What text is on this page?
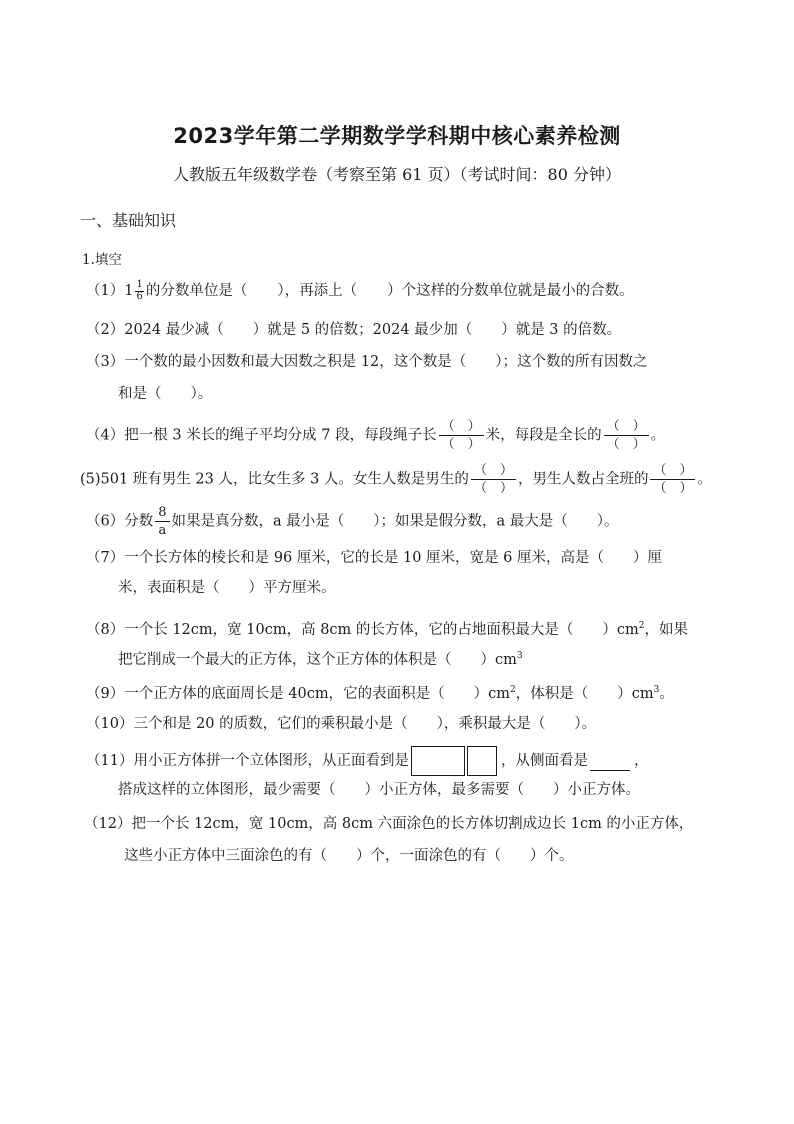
2023学年第二学期数学学科期中核心素养检测
人教版五年级数学卷（考察至第 61 页）（考试时间：80 分钟）
一、基础知识
1.填空
$(1)1 \frac{1}{6}$ 的分数单位是（ ），再添上（ ）个这样的分数单位就是最小的合数。
（2）2024 最少减（　　）就是 5 的倍数；2024 最少加（　　）就是 3 的倍数。
（3）一个数的最小因数和最大因数之积是 12，这个数是（　　）；这个数的所有因数之
和是（　　）。
（4）把一根 3 米长的绳子平均分成 7 段，每段绳子长 $\frac{( )}{( )}$ 米，每段是全长的 $\frac{( )}{( )}$ 。
(5)501 班有男生 23 人，比女生多 3 人。女生人数是男生的 $\frac{( )}{( )}$ ，男生人数占全班的 $\frac{( )}{( )}$ 。
（6）分数 $\frac{8}{a}$ 如果是真分数，a 最小是（　　）；如果是假分数，a 最大是（　　）。
（7）一个长方体的棱长和是 96 厘米，它的长是 10 厘米，宽是 6 厘米，高是（　　）厘
米，表面积是（　　）平方厘米。
（8）一个长 12cm，宽 10cm，高 8cm 的长方体，它的占地面积最大是（　　）$cm^2$，如果
把它削成一个最大的正方体，这个正方体的体积是（　　）$cm^3$
（9）一个正方体的底面周长是 40cm，它的表面积是（　　）$cm^2$，体积是（　　）$cm^3$。
（10）三个和是 20 的质数，它们的乘积最小是（　　），乘积最大是（　　）。
（11）用小正方体拼一个立体图形，从正面看到是	，从侧面看是	，
搭成这样的立体图形，最少需要（　　）小正方体，最多需要（　　）小正方体。
（12）把一个长 12cm，宽 10cm，高 8cm 六面涂色的长方体切割成边长 1cm 的小正方体，
这些小正方体中三面涂色的有（　　）个，一面涂色的有（　　）个。
